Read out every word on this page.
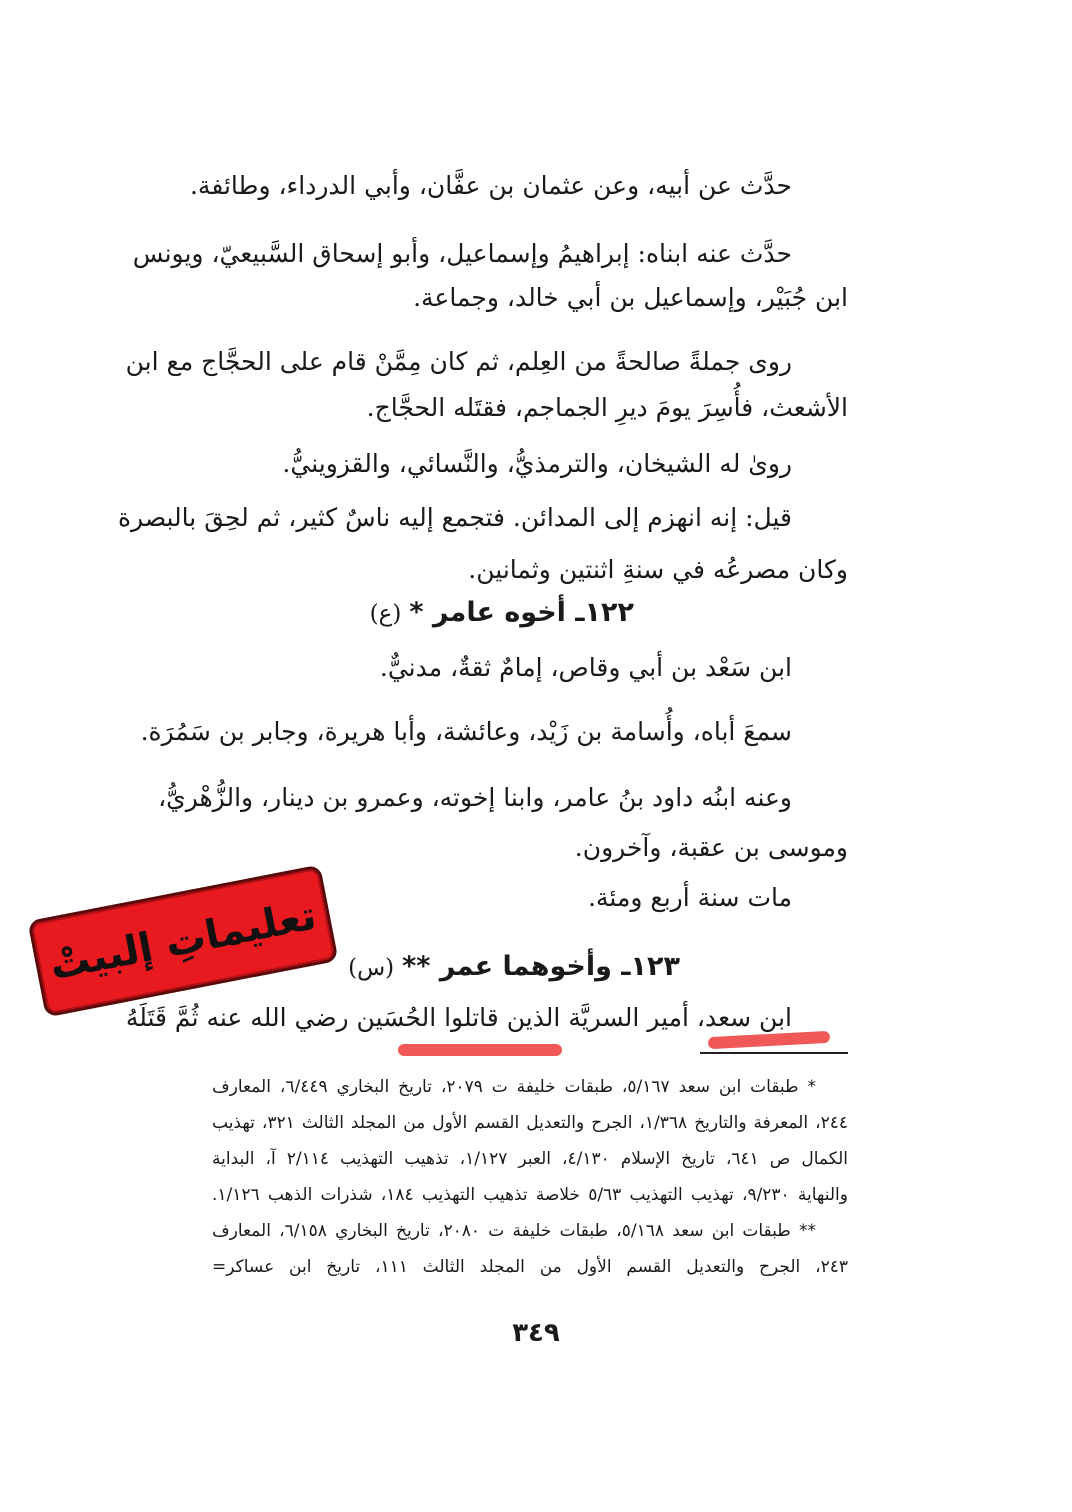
حدَّث عن أبيه، وعن عثمان بن عفَّان، وأبي الدرداء، وطائفة.
حدَّث عنه ابناه: إبراهيمُ وإسماعيل، وأبو إسحاق السَّبيعيّ، ويونس
ابن جُبَيْر، وإسماعيل بن أبي خالد، وجماعة.
روى جملةً صالحةً من العِلم، ثم كان مِمَّنْ قام على الحجَّاج مع ابن
الأشعث، فأُسِرَ يومَ ديرِ الجماجم، فقتَله الحجَّاج.
روىٰ له الشيخان، والترمذيُّ، والنَّسائي، والقزوينيُّ.
قيل: إنه انهزم إلى المدائن. فتجمع إليه ناسٌ كثير، ثم لحِقَ بالبصرة
وكان مصرعُه في سنةِ اثنتين وثمانين.
١٢٢ـ أخوه عامر *(ع)
ابن سَعْد بن أبي وقاص، إمامٌ ثقةٌ، مدنيٌّ.
سمعَ أباه، وأُسامة بن زَيْد، وعائشة، وأبا هريرة، وجابر بن سَمُرَة.
وعنه ابنُه داود بنُ عامر، وابنا إخوته، وعمرو بن دينار، والزُّهْريُّ،
وموسى بن عقبة، وآخرون.
مات سنة أربع ومئة.
١٢٣ـ وأخوهما عمر **(س)
ابن سعد، أمير السريَّة الذين قاتلوا الحُسَين رضي الله عنه ثُمَّ قَتَلَهُ
* طبقات ابن سعد ٥/١٦٧، طبقات خليفة ت ٢٠٧٩، تاريخ البخاري ٦/٤٤٩، المعارف
٢٤٤، المعرفة والتاريخ ١/٣٦٨، الجرح والتعديل القسم الأول من المجلد الثالث ٣٢١، تهذيب
الكمال ص ٦٤١، تاريخ الإسلام ٤/١٣٠، العبر ١/١٢٧، تذهيب التهذيب ٢/١١٤ آ، البداية
والنهاية ٩/٢٣٠، تهذيب التهذيب ٥/٦٣ خلاصة تذهيب التهذيب ١٨٤، شذرات الذهب ١/١٢٦.
** طبقات ابن سعد ٥/١٦٨، طبقات خليفة ت ٢٠٨٠، تاريخ البخاري ٦/١٥٨، المعارف
٢٤٣، الجرح والتعديل القسم الأول من المجلد الثالث ١١١، تاريخ ابن عساكر=
٣٤٩
تعليماتِ إلبيتْ
